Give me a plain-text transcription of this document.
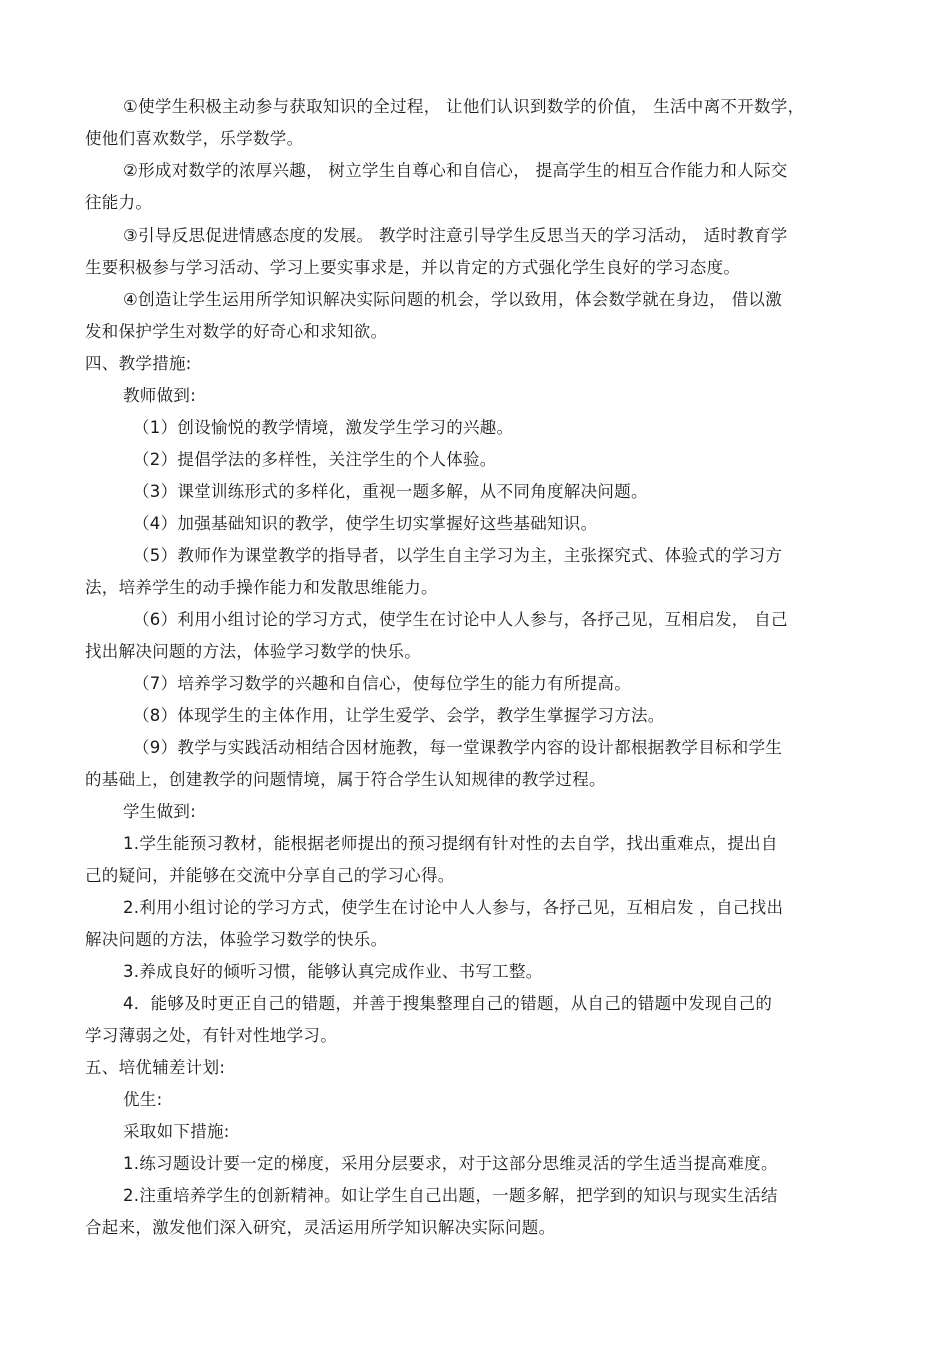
①使学生积极主动参与获取知识的全过程， 让他们认识到数学的价值， 生活中离不开数学，
使他们喜欢数学，乐学数学。
②形成对数学的浓厚兴趣， 树立学生自尊心和自信心， 提高学生的相互合作能力和人际交
往能力。
③引导反思促进情感态度的发展。 教学时注意引导学生反思当天的学习活动， 适时教育学
生要积极参与学习活动、学习上要实事求是，并以肯定的方式强化学生良好的学习态度。
④创造让学生运用所学知识解决实际问题的机会，学以致用，体会数学就在身边， 借以激
发和保护学生对数学的好奇心和求知欲。
四、教学措施:
教师做到:
（1）创设愉悦的教学情境，激发学生学习的兴趣。
（2）提倡学法的多样性，关注学生的个人体验。
（3）课堂训练形式的多样化，重视一题多解，从不同角度解决问题。
（4）加强基础知识的教学，使学生切实掌握好这些基础知识。
（5）教师作为课堂教学的指导者，以学生自主学习为主，主张探究式、体验式的学习方
法，培养学生的动手操作能力和发散思维能力。
（6）利用小组讨论的学习方式，使学生在讨论中人人参与，各抒己见，互相启发， 自己
找出解决问题的方法，体验学习数学的快乐。
（7）培养学习数学的兴趣和自信心，使每位学生的能力有所提高。
（8）体现学生的主体作用，让学生爱学、会学，教学生掌握学习方法。
（9）教学与实践活动相结合因材施教，每一堂课教学内容的设计都根据教学目标和学生
的基础上，创建教学的问题情境，属于符合学生认知规律的教学过程。
学生做到:
1.学生能预习教材，能根据老师提出的预习提纲有针对性的去自学，找出重难点，提出自
己的疑问，并能够在交流中分享自己的学习心得。
2.利用小组讨论的学习方式，使学生在讨论中人人参与，各抒己见，互相启发 ，自己找出
解决问题的方法，体验学习数学的快乐。
3.养成良好的倾听习惯，能够认真完成作业、书写工整。
4．能够及时更正自己的错题，并善于搜集整理自己的错题，从自己的错题中发现自己的
学习薄弱之处，有针对性地学习。
五、培优辅差计划:
优生:
采取如下措施:
1.练习题设计要一定的梯度，采用分层要求，对于这部分思维灵活的学生适当提高难度。
2.注重培养学生的创新精神。如让学生自己出题，一题多解，把学到的知识与现实生活结
合起来，激发他们深入研究，灵活运用所学知识解决实际问题。
